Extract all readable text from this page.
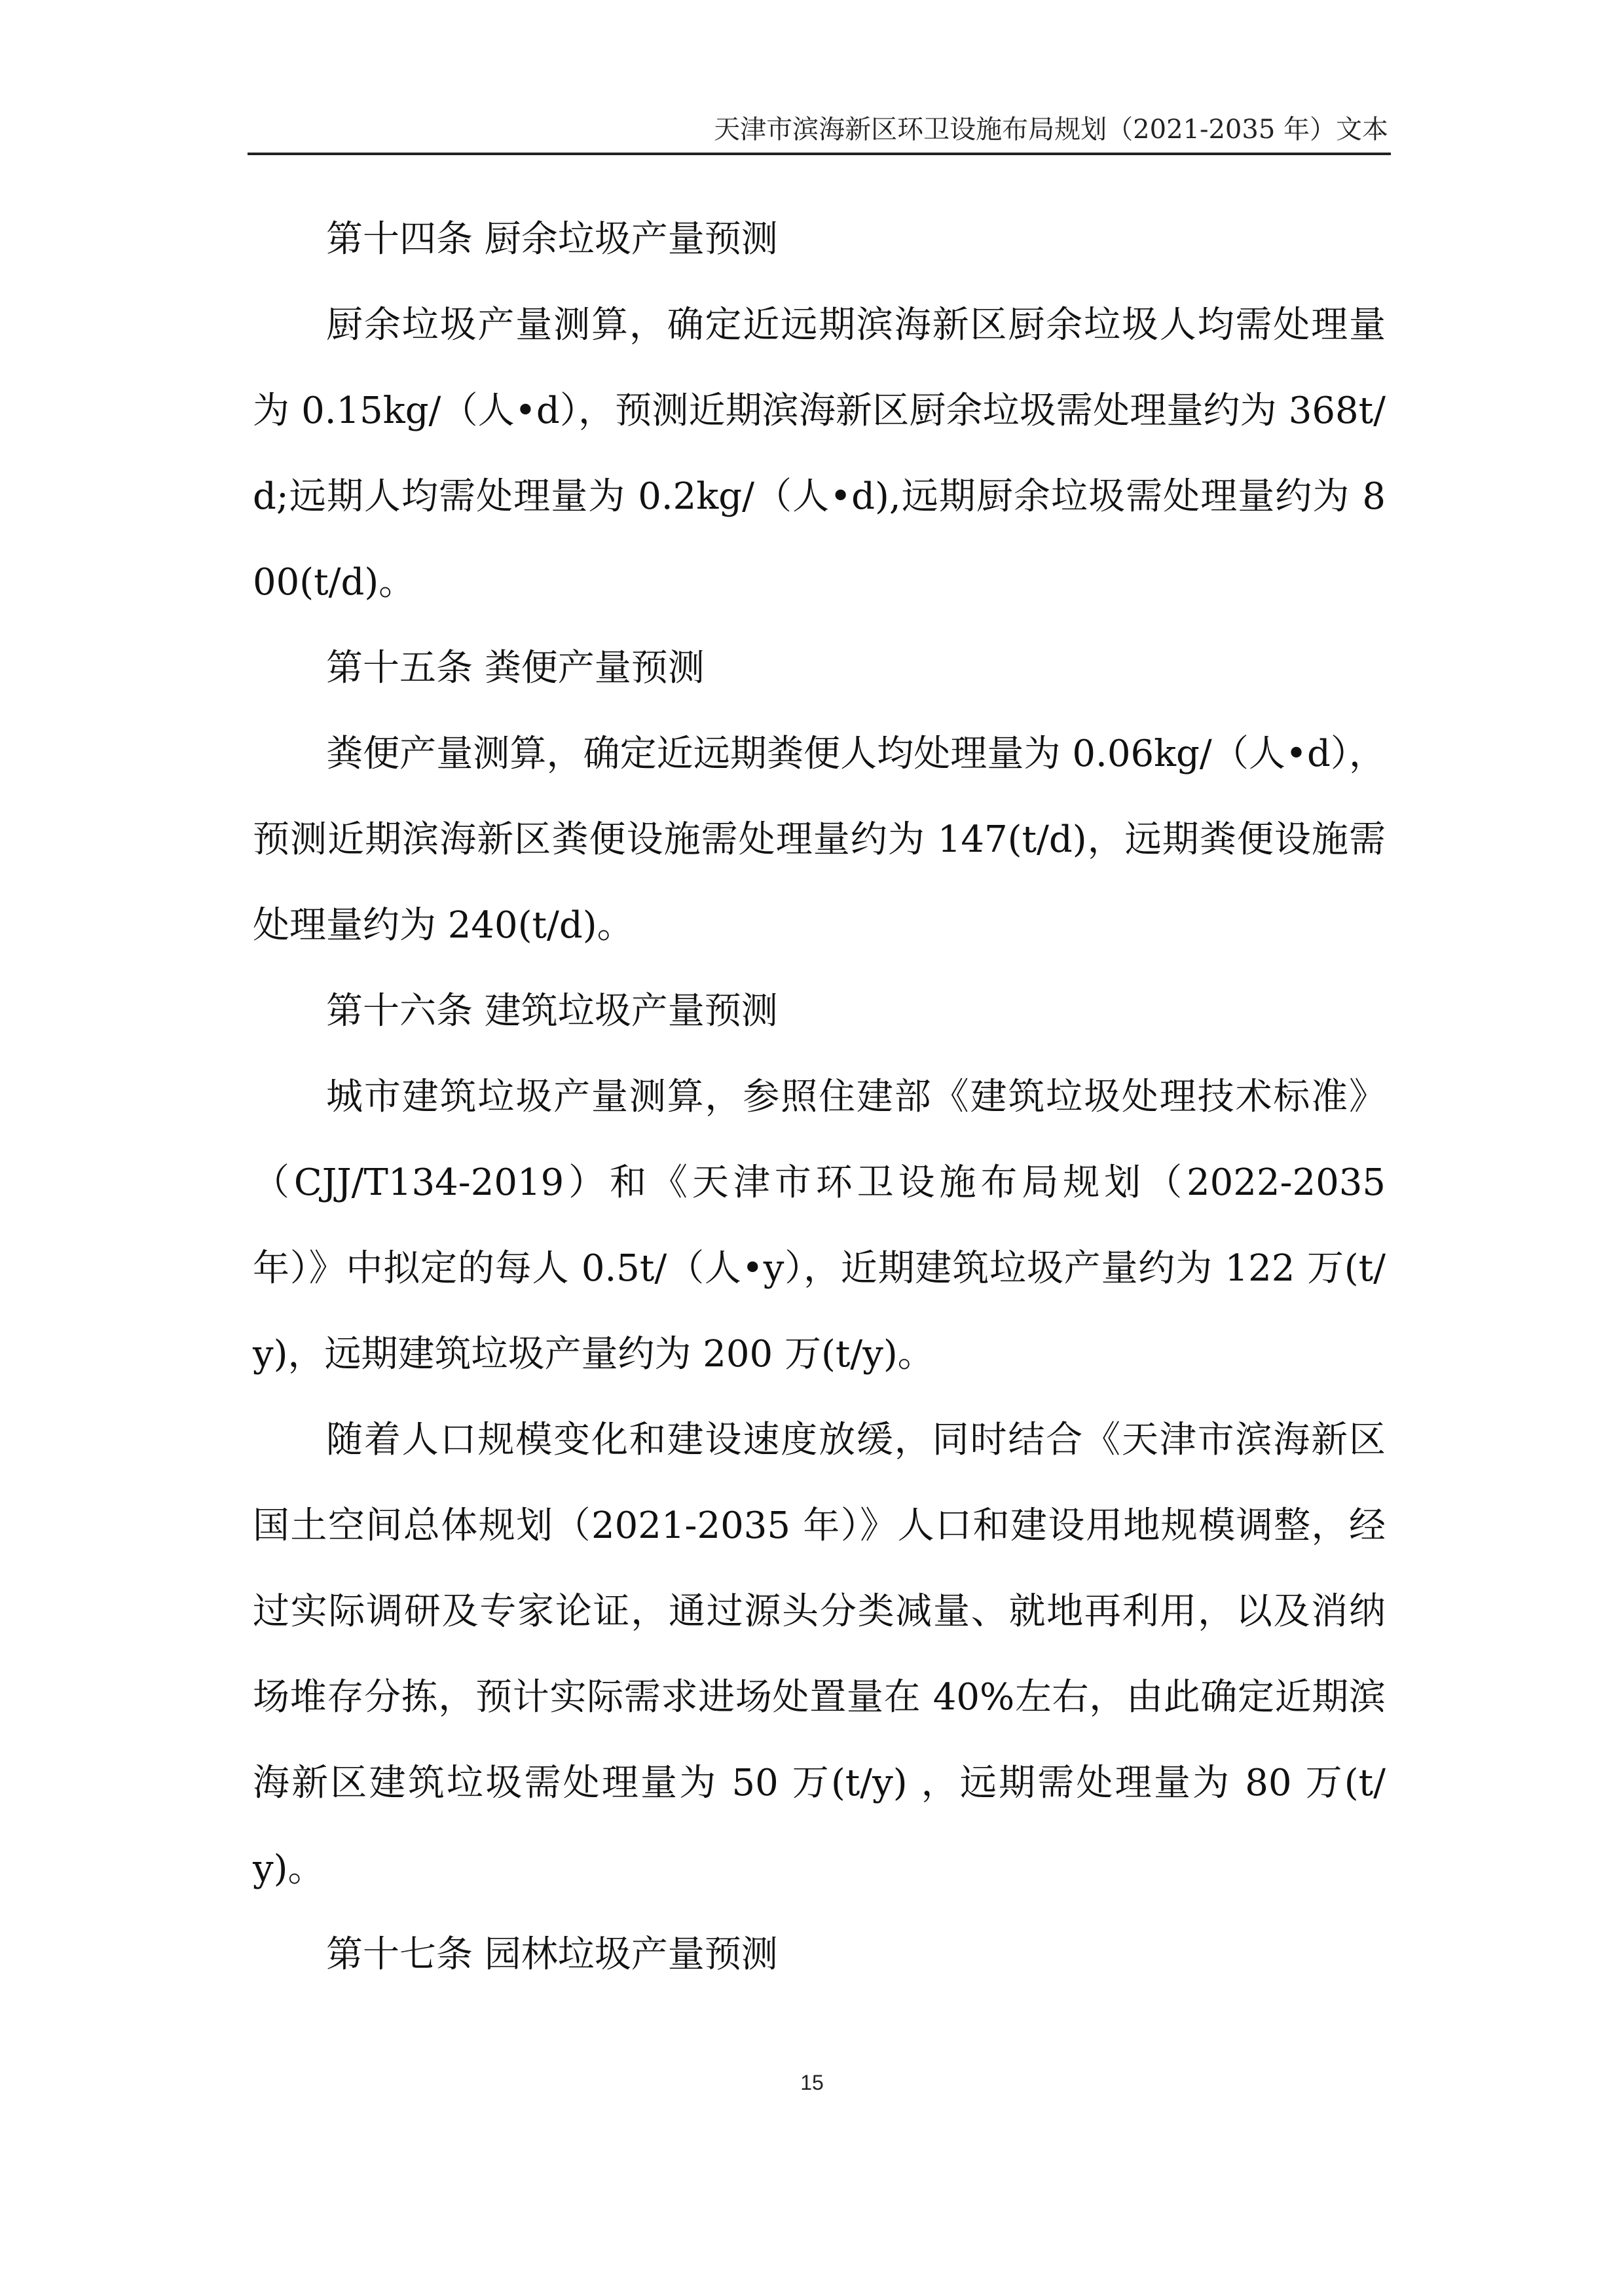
天津市滨海新区环卫设施布局规划（2021-2035 年）文本
第十四条 厨余垃圾产量预测
厨余垃圾产量测算，确定近远期滨海新区厨余垃圾人均需处理量为 0.15kg/（人•d），预测近期滨海新区厨余垃圾需处理量约为 368t/d;远期人均需处理量为 0.2kg/（人•d),远期厨余垃圾需处理量约为 800(t/d)。
第十五条 粪便产量预测
粪便产量测算，确定近远期粪便人均处理量为 0.06kg/（人•d），预测近期滨海新区粪便设施需处理量约为 147(t/d)，远期粪便设施需处理量约为 240(t/d)。
第十六条 建筑垃圾产量预测
城市建筑垃圾产量测算，参照住建部《建筑垃圾处理技术标准》（CJJ/T134-2019）和《天津市环卫设施布局规划（2022-2035 年）》中拟定的每人 0.5t/（人•y），近期建筑垃圾产量约为 122 万(t/y)，远期建筑垃圾产量约为 200 万(t/y)。
随着人口规模变化和建设速度放缓，同时结合《天津市滨海新区国土空间总体规划（2021-2035 年）》人口和建设用地规模调整，经过实际调研及专家论证，通过源头分类减量、就地再利用，以及消纳场堆存分拣，预计实际需求进场处置量在 40%左右，由此确定近期滨海新区建筑垃圾需处理量为 50 万(t/y) ，远期需处理量为 80 万(t/y)。
第十七条 园林垃圾产量预测
15
